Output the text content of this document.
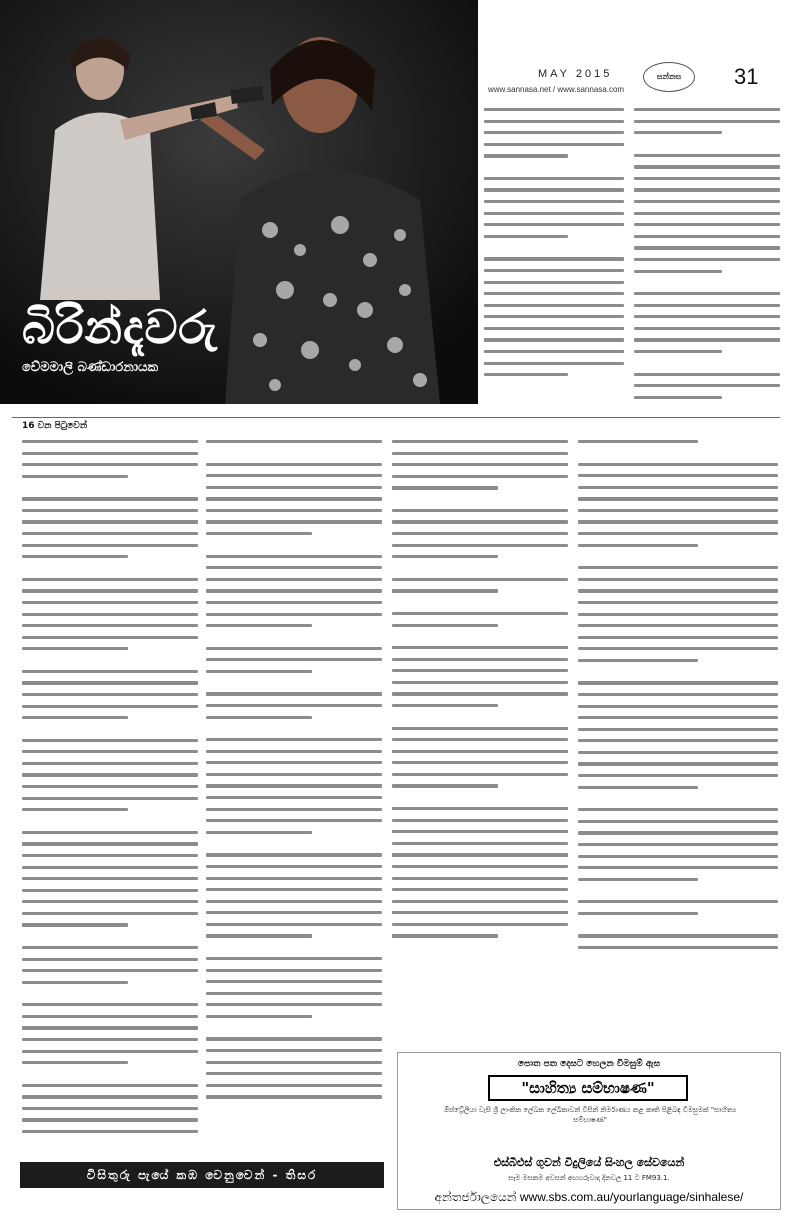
බිරින්දෑවරු
චේමමාලි බණ්ඩාරනායක
MAY 2015
www.sannasa.net / www.sannasa.com
සන්නස	31
16 වන පිටුවෙන්
පොත පත දෙසට හෙලන විමසුම් ඇස
"සාහිත්‍ය සම්භාෂණ"
ඕස්ට්‍රේලියා වැසි ශ්‍රී ලාංකික ලේඛක ලේඛිකාවන් විසින් නිර්මාණය කළ කෘති පිළිබඳ විමසුමක් "සාහිත්‍ය සම්භාෂණ"
එස්බීඑස් ගුවන් විදුලියේ සිංහල සේවයෙන්
සෑම මසකම අවසන් අඟහරුවාදා දිනවල 11 ට FM93.1.
අන්තර්ජාලයෙන් www.sbs.com.au/yourlanguage/sinhalese/
විසිතුරු පැයේ කඹ වෙනුවෙන් - තිසර
